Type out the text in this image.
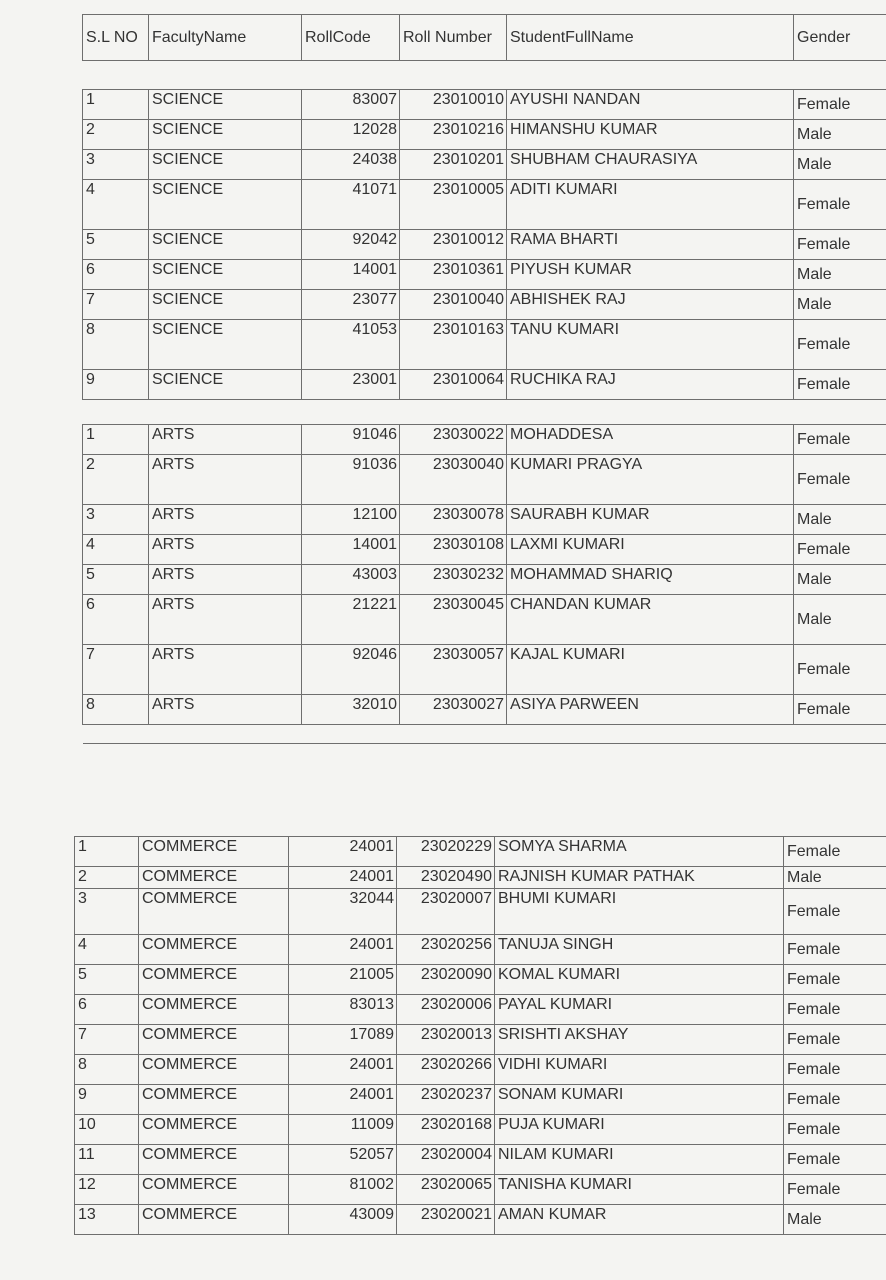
S.L NO	FacultyName	RollCode	Roll Number	StudentFullName	Gender

1	SCIENCE	83007	23010010	AYUSHI NANDAN	Female
2	SCIENCE	12028	23010216	HIMANSHU KUMAR	Male
3	SCIENCE	24038	23010201	SHUBHAM CHAURASIYA	Male
4	SCIENCE	41071	23010005	ADITI KUMARI	Female
5	SCIENCE	92042	23010012	RAMA BHARTI	Female
6	SCIENCE	14001	23010361	PIYUSH KUMAR	Male
7	SCIENCE	23077	23010040	ABHISHEK RAJ	Male
8	SCIENCE	41053	23010163	TANU KUMARI	Female
9	SCIENCE	23001	23010064	RUCHIKA RAJ	Female

1	ARTS	91046	23030022	MOHADDESA	Female
2	ARTS	91036	23030040	KUMARI PRAGYA	Female
3	ARTS	12100	23030078	SAURABH KUMAR	Male
4	ARTS	14001	23030108	LAXMI KUMARI	Female
5	ARTS	43003	23030232	MOHAMMAD SHARIQ	Male
6	ARTS	21221	23030045	CHANDAN KUMAR	Male
7	ARTS	92046	23030057	KAJAL KUMARI	Female
8	ARTS	32010	23030027	ASIYA PARWEEN	Female

1	COMMERCE	24001	23020229	SOMYA SHARMA	Female
2	COMMERCE	24001	23020490	RAJNISH KUMAR PATHAK	Male
3	COMMERCE	32044	23020007	BHUMI KUMARI	Female
4	COMMERCE	24001	23020256	TANUJA SINGH	Female
5	COMMERCE	21005	23020090	KOMAL KUMARI	Female
6	COMMERCE	83013	23020006	PAYAL KUMARI	Female
7	COMMERCE	17089	23020013	SRISHTI AKSHAY	Female
8	COMMERCE	24001	23020266	VIDHI KUMARI	Female
9	COMMERCE	24001	23020237	SONAM KUMARI	Female
10	COMMERCE	11009	23020168	PUJA KUMARI	Female
11	COMMERCE	52057	23020004	NILAM KUMARI	Female
12	COMMERCE	81002	23020065	TANISHA KUMARI	Female
13	COMMERCE	43009	23020021	AMAN KUMAR	Male
